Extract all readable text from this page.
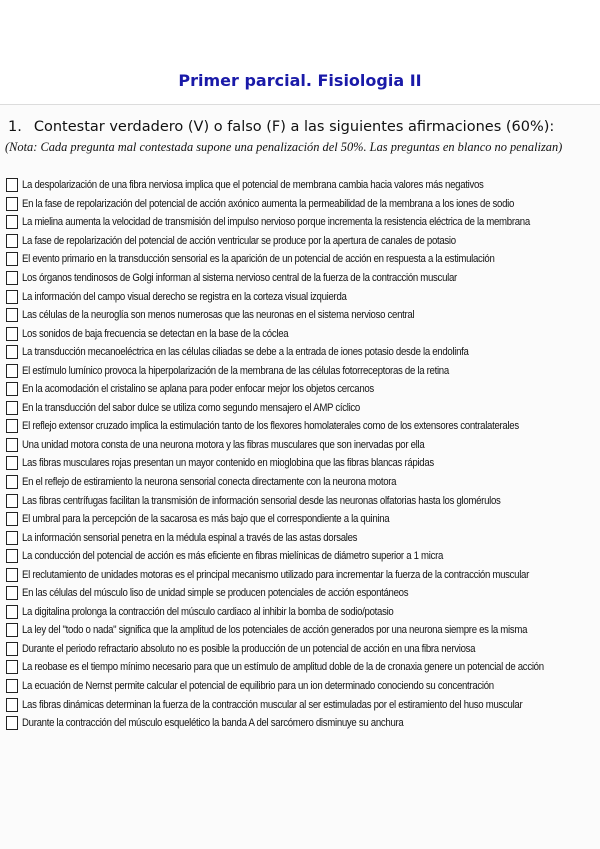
Primer parcial. Fisiologia II
1. Contestar verdadero (V) o falso (F) a las siguientes afirmaciones (60%):
(Nota: Cada pregunta mal contestada supone una penalización del 50%. Las preguntas en blanco no penalizan)
La despolarización de una fibra nerviosa implica que el potencial de membrana cambia hacia valores más negativos
En la fase de repolarización del potencial de acción axónico aumenta la permeabilidad de la membrana a los iones de sodio
La mielina aumenta la velocidad de transmisión del impulso nervioso porque incrementa la resistencia eléctrica de la membrana
La fase de repolarización del potencial de acción ventricular se produce por la apertura de canales de potasio
El evento primario en la transducción sensorial es la aparición de un potencial de acción en respuesta a la estimulación
Los órganos tendinosos de Golgi informan al sistema nervioso central de la fuerza de la contracción muscular
La información del campo visual derecho se registra en la corteza visual izquierda
Las células de la neuroglía son menos numerosas que las neuronas en el sistema nervioso central
Los sonidos de baja frecuencia se detectan en la base de la cóclea
La transducción mecanoeléctrica en las células ciliadas se debe a la entrada de iones potasio desde la endolinfa
El estímulo lumínico provoca la hiperpolarización de la membrana de las células fotorreceptoras de la retina
En la acomodación el cristalino se aplana para poder enfocar mejor los objetos cercanos
En la transducción del sabor dulce se utiliza como segundo mensajero el AMP cíclico
El reflejo extensor cruzado implica la estimulación tanto de los flexores homolaterales como de los extensores contralaterales
Una unidad motora consta de una neurona motora y las fibras musculares que son inervadas por ella
Las fibras musculares rojas presentan un mayor contenido en mioglobina que las fibras blancas rápidas
En el reflejo de estiramiento la neurona sensorial conecta directamente con la neurona motora
Las fibras centrífugas facilitan la transmisión de información sensorial desde las neuronas olfatorias hasta los glomérulos
El umbral para la percepción de la sacarosa es más bajo que el correspondiente a la quinina
La información sensorial penetra en la médula espinal a través de las astas dorsales
La conducción del potencial de acción es más eficiente en fibras mielínicas de diámetro superior a 1 micra
El reclutamiento de unidades motoras es el principal mecanismo utilizado para incrementar la fuerza de la contracción muscular
En las células del músculo liso de unidad simple se producen potenciales de acción espontáneos
La digitalina prolonga la contracción del músculo cardiaco al inhibir la bomba de sodio/potasio
La ley del "todo o nada" significa que la amplitud de los potenciales de acción generados por una neurona siempre es la misma
Durante el periodo refractario absoluto no es posible la producción de un potencial de acción en una fibra nerviosa
La reobase es el tiempo mínimo necesario para que un estímulo de amplitud doble de la de cronaxia genere un potencial de acción
La ecuación de Nernst permite calcular el potencial de equilibrio para un ion determinado conociendo su concentración
Las fibras dinámicas determinan la fuerza de la contracción muscular al ser estimuladas por el estiramiento del huso muscular
Durante la contracción del músculo esquelético la banda A del sarcómero disminuye su anchura
